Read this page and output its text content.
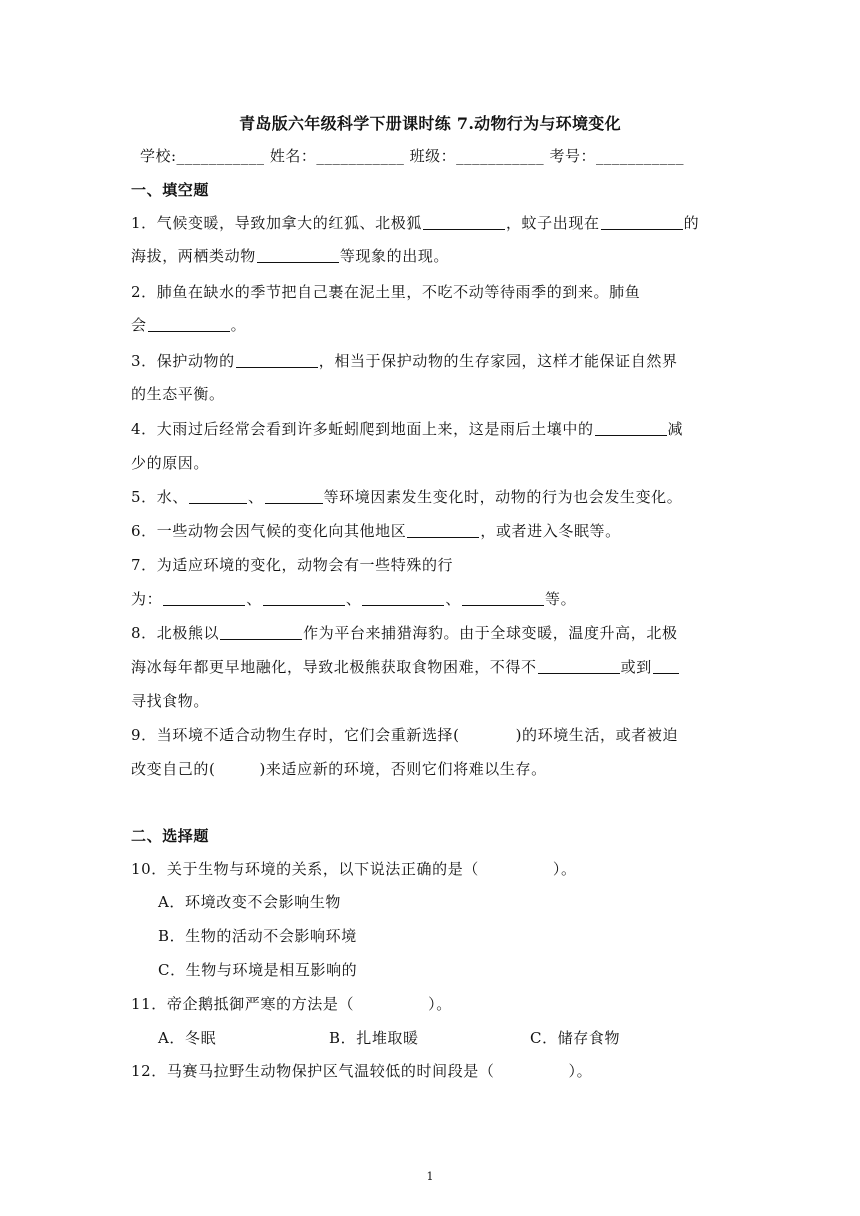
青岛版六年级科学下册课时练 7.动物行为与环境变化
学校:___________ 姓名：___________ 班级：___________ 考号：___________
一、填空题
1．气候变暖，导致加拿大的红狐、北极狐	，蚊子出现在	的
海拔，两栖类动物	等现象的出现。
2．肺鱼在缺水的季节把自己裹在泥土里，不吃不动等待雨季的到来。肺鱼
会	。
3．保护动物的	，相当于保护动物的生存家园，这样才能保证自然界
的生态平衡。
4．大雨过后经常会看到许多蚯蚓爬到地面上来，这是雨后土壤中的	减
少的原因。
5．水、	、	等环境因素发生变化时，动物的行为也会发生变化。
6．一些动物会因气候的变化向其他地区	，或者进入冬眠等。
7．为适应环境的变化，动物会有一些特殊的行
为：	、	、	、	等。
8．北极熊以	作为平台来捕猎海豹。由于全球变暖，温度升高，北极
海冰每年都更早地融化，导致北极熊获取食物困难，不得不	或到
寻找食物。
9．当环境不适合动物生存时，它们会重新选择(	)的环境生活，或者被迫
改变自己的(	)来适应新的环境，否则它们将难以生存。
二、选择题
10．关于生物与环境的关系，以下说法正确的是（	）。
A．环境改变不会影响生物
B．生物的活动不会影响环境
C．生物与环境是相互影响的
11．帝企鹅抵御严寒的方法是（	）。
A．冬眠	B．扎堆取暖	C．储存食物
12．马赛马拉野生动物保护区气温较低的时间段是（	）。
1
